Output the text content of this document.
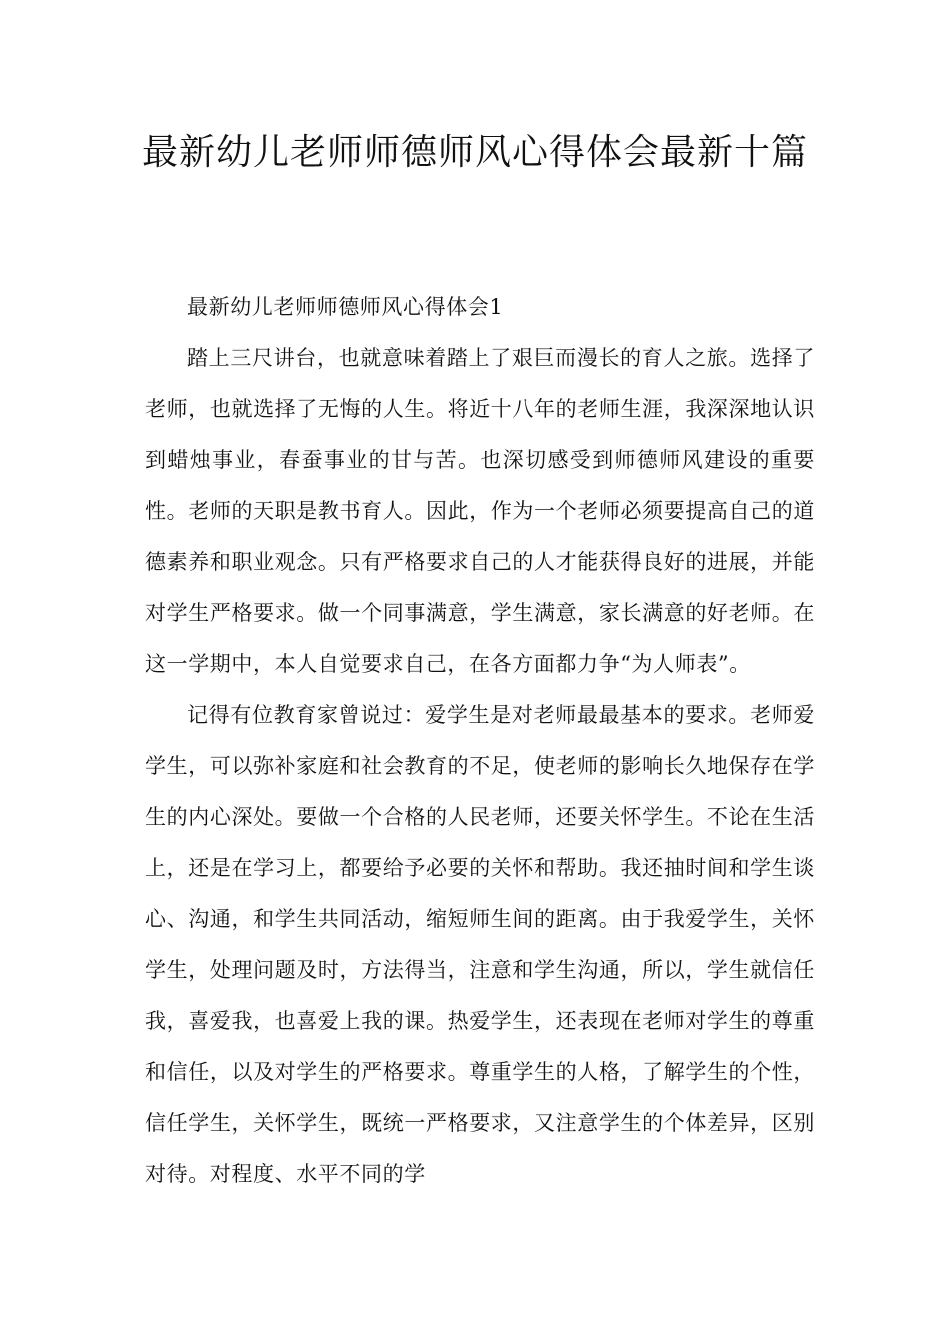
最新幼儿老师师德师风心得体会最新十篇

最新幼儿老师师德师风心得体会1

踏上三尺讲台，也就意味着踏上了艰巨而漫长的育人之旅。选择了老师，也就选择了无悔的人生。将近十八年的老师生涯，我深深地认识到蜡烛事业，春蚕事业的甘与苦。也深切感受到师德师风建设的重要性。老师的天职是教书育人。因此，作为一个老师必须要提高自己的道德素养和职业观念。只有严格要求自己的人才能获得良好的进展，并能对学生严格要求。做一个同事满意，学生满意，家长满意的好老师。在这一学期中，本人自觉要求自己，在各方面都力争“为人师表”。

记得有位教育家曾说过：爱学生是对老师最最基本的要求。老师爱学生，可以弥补家庭和社会教育的不足，使老师的影响长久地保存在学生的内心深处。要做一个合格的人民老师，还要关怀学生。不论在生活上，还是在学习上，都要给予必要的关怀和帮助。我还抽时间和学生谈心、沟通，和学生共同活动，缩短师生间的距离。由于我爱学生，关怀学生，处理问题及时，方法得当，注意和学生沟通，所以，学生就信任我，喜爱我，也喜爱上我的课。热爱学生，还表现在老师对学生的尊重和信任，以及对学生的严格要求。尊重学生的人格，了解学生的个性，信任学生，关怀学生，既统一严格要求，又注意学生的个体差异，区别对待。对程度、水平不同的学
